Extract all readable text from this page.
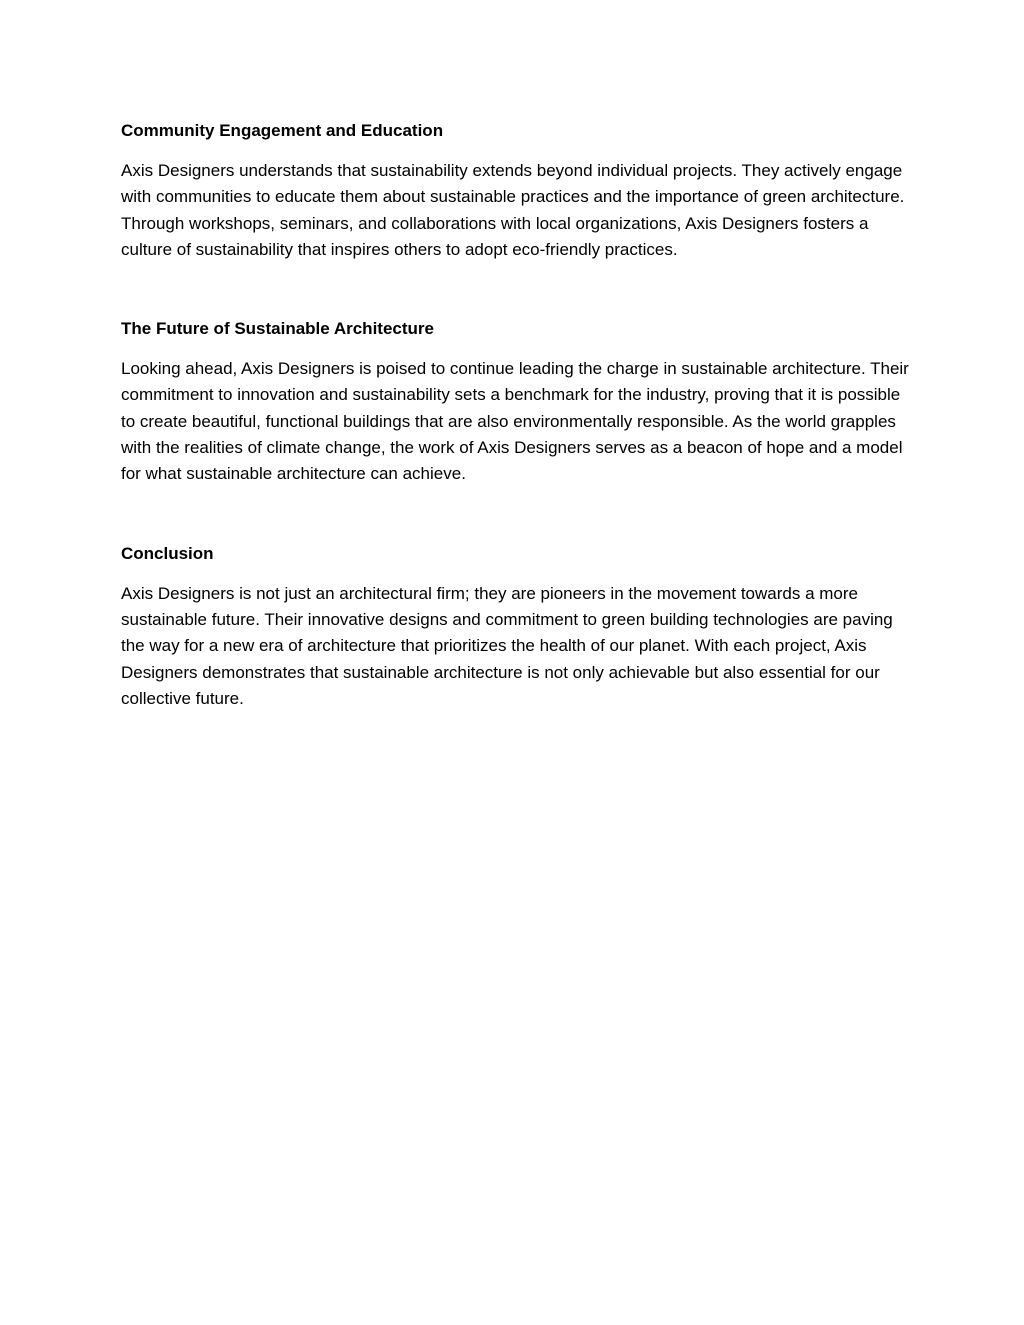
Community Engagement and Education

Axis Designers understands that sustainability extends beyond individual projects. They actively engage with communities to educate them about sustainable practices and the importance of green architecture. Through workshops, seminars, and collaborations with local organizations, Axis Designers fosters a culture of sustainability that inspires others to adopt eco-friendly practices.

The Future of Sustainable Architecture

Looking ahead, Axis Designers is poised to continue leading the charge in sustainable architecture. Their commitment to innovation and sustainability sets a benchmark for the industry, proving that it is possible to create beautiful, functional buildings that are also environmentally responsible. As the world grapples with the realities of climate change, the work of Axis Designers serves as a beacon of hope and a model for what sustainable architecture can achieve.

Conclusion

Axis Designers is not just an architectural firm; they are pioneers in the movement towards a more sustainable future. Their innovative designs and commitment to green building technologies are paving the way for a new era of architecture that prioritizes the health of our planet. With each project, Axis Designers demonstrates that sustainable architecture is not only achievable but also essential for our collective future.
